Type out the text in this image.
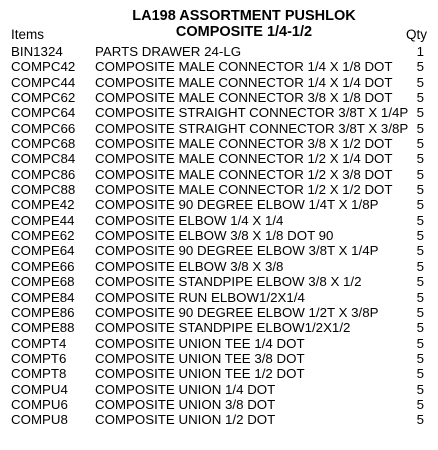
LA198 ASSORTMENT PUSHLOK
COMPOSITE 1/4-1/2
Items	Qty
BIN1324 PARTS DRAWER 24-LG	1
COMPC42 COMPOSITE MALE CONNECTOR 1/4 X 1/8 DOT	5
COMPC44 COMPOSITE MALE CONNECTOR 1/4 X 1/4 DOT	5
COMPC62 COMPOSITE MALE CONNECTOR 3/8 X 1/8 DOT	5
COMPC64 COMPOSITE STRAIGHT CONNECTOR 3/8T X 1/4P 5
COMPC66 COMPOSITE STRAIGHT CONNECTOR 3/8T X 3/8P 5
COMPC68 COMPOSITE MALE CONNECTOR 3/8 X 1/2 DOT	5
COMPC84 COMPOSITE MALE CONNECTOR 1/2 X 1/4 DOT	5
COMPC86 COMPOSITE MALE CONNECTOR 1/2 X 3/8 DOT	5
COMPC88 COMPOSITE MALE CONNECTOR 1/2 X 1/2 DOT	5
COMPE42 COMPOSITE 90 DEGREE ELBOW 1/4T X 1/8P	5
COMPE44 COMPOSITE ELBOW 1/4 X 1/4	5
COMPE62 COMPOSITE ELBOW 3/8 X 1/8 DOT 90	5
COMPE64 COMPOSITE 90 DEGREE ELBOW 3/8T X 1/4P	5
COMPE66 COMPOSITE ELBOW 3/8 X 3/8	5
COMPE68 COMPOSITE STANDPIPE ELBOW 3/8 X 1/2	5
COMPE84 COMPOSITE RUN ELBOW1/2X1/4	5
COMPE86 COMPOSITE 90 DEGREE ELBOW 1/2T X 3/8P	5
COMPE88 COMPOSITE STANDPIPE ELBOW1/2X1/2	5
COMPT4 COMPOSITE UNION TEE 1/4 DOT	5
COMPT6 COMPOSITE UNION TEE 3/8 DOT	5
COMPT8 COMPOSITE UNION TEE 1/2 DOT	5
COMPU4 COMPOSITE UNION 1/4 DOT	5
COMPU6 COMPOSITE UNION 3/8 DOT	5
COMPU8 COMPOSITE UNION 1/2 DOT	5
